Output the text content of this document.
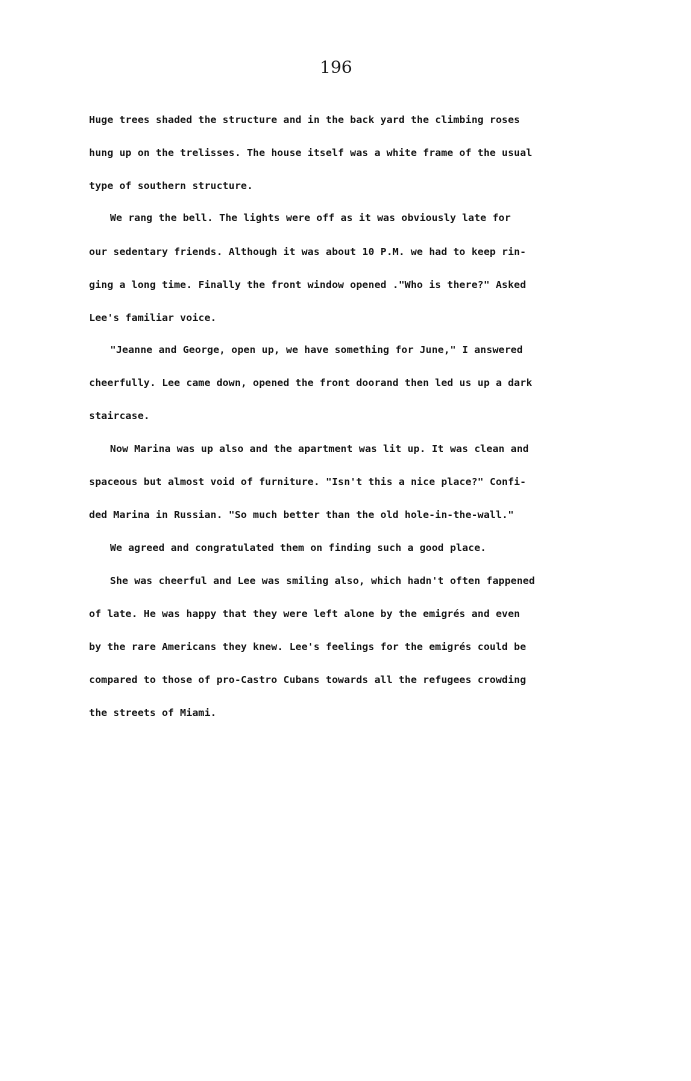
196
Huge trees shaded the structure and in the back yard the climbing roses
hung up on the trelisses. The house itself was a white frame of the usual
type of southern structure.
We rang the bell. The lights were off as it was obviously late for
our sedentary friends. Although it was about 10 P.M. we had to keep rin-
ging a long time. Finally the front window opened ."Who is there?" Asked
Lee's familiar voice.
"Jeanne and George, open up, we have something for June," I answered
cheerfully. Lee came down, opened the front doorand then led us up a dark
staircase.
Now Marina was up also and the apartment was lit up. It was clean and
spaceous but almost void of furniture. "Isn't this a nice place?" Confi-
ded Marina in Russian. "So much better than the old hole-in-the-wall."
We agreed and congratulated them on finding such a good place.
She was cheerful and Lee was smiling also, which hadn't often fappened
of late. He was happy that they were left alone by the emigrés and even
by the rare Americans they knew. Lee's feelings for the emigrés could be
compared to those of pro-Castro Cubans towards all the refugees crowding
the streets of Miami.
